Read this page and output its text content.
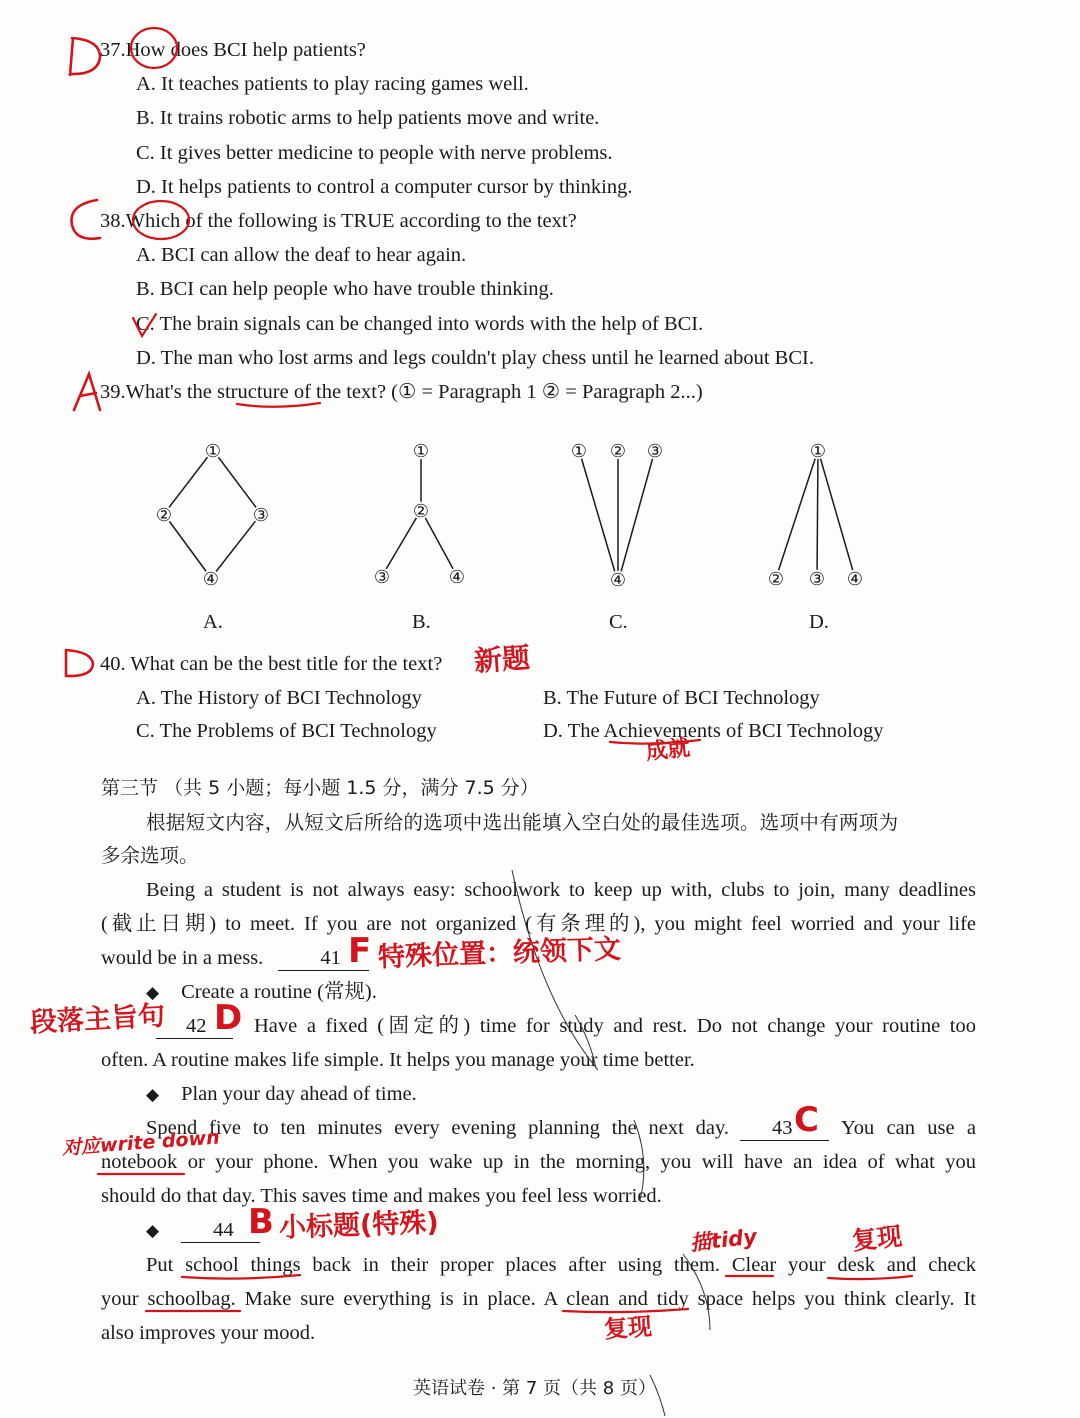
37.How does BCI help patients?
A. It teaches patients to play racing games well.
B. It trains robotic arms to help patients move and write.
C. It gives better medicine to people with nerve problems.
D. It helps patients to control a computer cursor by thinking.
38.Which of the following is TRUE according to the text?
A. BCI can allow the deaf to hear again.
B. BCI can help people who have trouble thinking.
C. The brain signals can be changed into words with the help of BCI.
D. The man who lost arms and legs couldn't play chess until he learned about BCI.
39.What's the structure of the text? (① = Paragraph 1 ② = Paragraph 2...)
①
②	③
④
①
②
③	④
① ② ③
④
①
② ③ ④
A.	B.	C.	D.
40. What can be the best title for the text?
A. The History of BCI Technology	B. The Future of BCI Technology
C. The Problems of BCI Technology	D. The Achievements of BCI Technology
第三节 （共 5 小题；每小题 1.5 分，满分 7.5 分）
根据短文内容，从短文后所给的选项中选出能填入空白处的最佳选项。选项中有两项为
多余选项。
Being a student is not always easy: schoolwork to keep up with, clubs to join, many deadlines
(截止日期) to meet. If you are not organized (有条理的), you might feel worried and your life
would be in a mess.	41
◆ Create a routine (常规).
42	Have a fixed (固定的) time for study and rest. Do not change your routine too
often. A routine makes life simple. It helps you manage your time better.
◆ Plan your day ahead of time.
Spend five to ten minutes every evening planning the next day.	43	You can use a
notebook or your phone. When you wake up in the morning, you will have an idea of what you
should do that day. This saves time and makes you feel less worried.
◆	44
Put school things back in their proper places after using them. Clear your desk and check
your schoolbag. Make sure everything is in place. A clean and tidy space helps you think clearly. It
also improves your mood.
英语试卷 · 第 7 页（共 8 页）
新题
成就
F 特殊位置：统领下文
段落主旨句 D
C
对应write down
B 小标题(特殊)	描tidy	复现
复现
